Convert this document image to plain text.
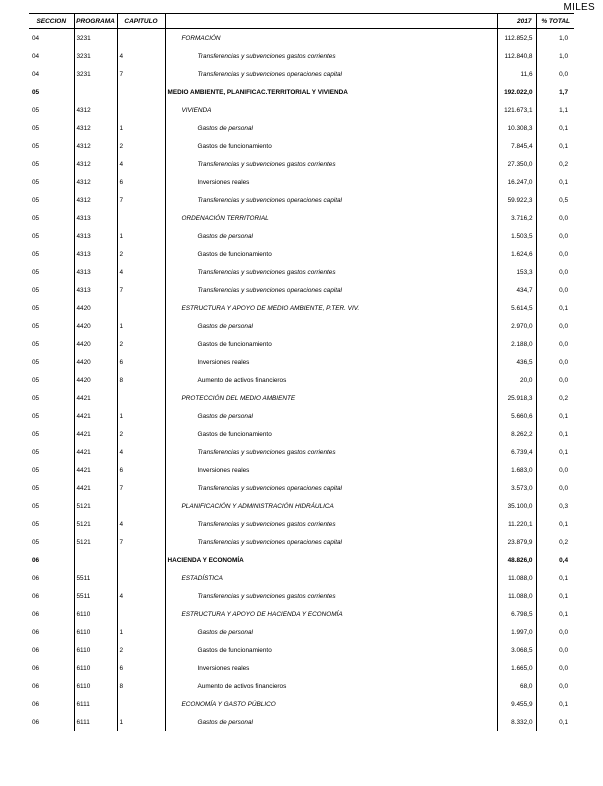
MILES
SECCION	PROGRAMA	CAPITULO		2017	% TOTAL
04	3231		FORMACIÓN	112.852,5	1,0
04	3231	4	Transferencias y subvenciones gastos corrientes	112.840,8	1,0
04	3231	7	Transferencias y subvenciones operaciones capital	11,6	0,0
05			MEDIO AMBIENTE, PLANIFICAC.TERRITORIAL Y VIVIENDA	192.022,0	1,7
05	4312		VIVIENDA	121.673,1	1,1
05	4312	1	Gastos de personal	10.308,3	0,1
05	4312	2	Gastos de funcionamiento	7.845,4	0,1
05	4312	4	Transferencias y subvenciones gastos corrientes	27.350,0	0,2
05	4312	6	Inversiones reales	16.247,0	0,1
05	4312	7	Transferencias y subvenciones operaciones capital	59.922,3	0,5
05	4313		ORDENACIÓN TERRITORIAL	3.716,2	0,0
05	4313	1	Gastos de personal	1.503,5	0,0
05	4313	2	Gastos de funcionamiento	1.624,6	0,0
05	4313	4	Transferencias y subvenciones gastos corrientes	153,3	0,0
05	4313	7	Transferencias y subvenciones operaciones capital	434,7	0,0
05	4420		ESTRUCTURA Y APOYO DE MEDIO AMBIENTE, P.TER. VIV.	5.614,5	0,1
05	4420	1	Gastos de personal	2.970,0	0,0
05	4420	2	Gastos de funcionamiento	2.188,0	0,0
05	4420	6	Inversiones reales	436,5	0,0
05	4420	8	Aumento de activos financieros	20,0	0,0
05	4421		PROTECCIÓN DEL MEDIO AMBIENTE	25.918,3	0,2
05	4421	1	Gastos de personal	5.660,6	0,1
05	4421	2	Gastos de funcionamiento	8.262,2	0,1
05	4421	4	Transferencias y subvenciones gastos corrientes	6.739,4	0,1
05	4421	6	Inversiones reales	1.683,0	0,0
05	4421	7	Transferencias y subvenciones operaciones capital	3.573,0	0,0
05	5121		PLANIFICACIÓN Y ADMINISTRACIÓN HIDRÁULICA	35.100,0	0,3
05	5121	4	Transferencias y subvenciones gastos corrientes	11.220,1	0,1
05	5121	7	Transferencias y subvenciones operaciones capital	23.879,9	0,2
06			HACIENDA Y ECONOMÍA	48.826,0	0,4
06	5511		ESTADÍSTICA	11.088,0	0,1
06	5511	4	Transferencias y subvenciones gastos corrientes	11.088,0	0,1
06	6110		ESTRUCTURA Y APOYO DE HACIENDA Y ECONOMÍA	6.798,5	0,1
06	6110	1	Gastos de personal	1.997,0	0,0
06	6110	2	Gastos de funcionamiento	3.068,5	0,0
06	6110	6	Inversiones reales	1.665,0	0,0
06	6110	8	Aumento de activos financieros	68,0	0,0
06	6111		ECONOMÍA Y GASTO PÚBLICO	9.455,9	0,1
06	6111	1	Gastos de personal	8.332,0	0,1
